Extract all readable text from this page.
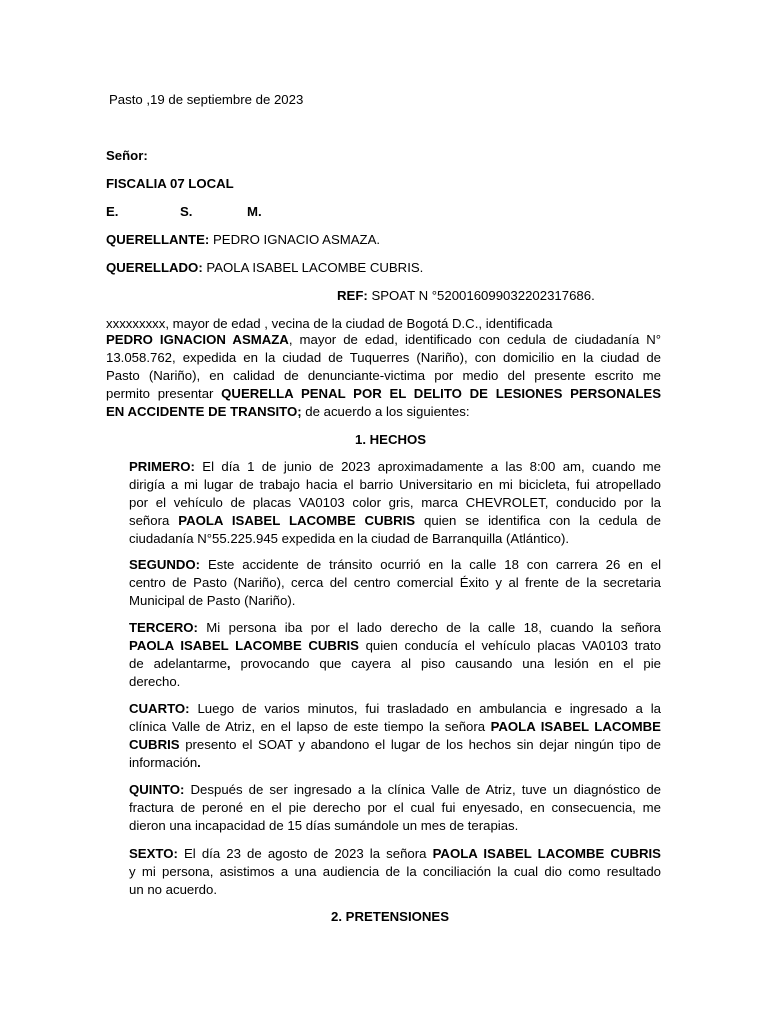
Pasto ,19 de septiembre de 2023
Señor:
FISCALIA 07 LOCAL
E.	S.	M.
QUERELLANTE: PEDRO IGNACIO ASMAZA.
QUERELLADO: PAOLA ISABEL LACOMBE CUBRIS.
REF: SPOAT N °520016099032202317686.
xxxxxxxxx, mayor de edad , vecina de la ciudad de Bogotá D.C., identificada
PEDRO IGNACION ASMAZA, mayor de edad, identificado con cedula de ciudadanía N°
13.058.762, expedida en la ciudad de Tuquerres (Nariño), con domicilio en la ciudad de
Pasto (Nariño), en calidad de denunciante-victima por medio del presente escrito me
permito presentar QUERELLA PENAL POR EL DELITO DE LESIONES PERSONALES
EN ACCIDENTE DE TRANSITO; de acuerdo a los siguientes:
1. HECHOS
PRIMERO: El día 1 de junio de 2023 aproximadamente a las 8:00 am, cuando me
dirigía a mi lugar de trabajo hacia el barrio Universitario en mi bicicleta, fui atropellado
por el vehículo de placas VA0103 color gris, marca CHEVROLET, conducido por la
señora PAOLA ISABEL LACOMBE CUBRIS quien se identifica con la cedula de
ciudadanía N°55.225.945 expedida en la ciudad de Barranquilla (Atlántico).
SEGUNDO: Este accidente de tránsito ocurrió en la calle 18 con carrera 26 en el
centro de Pasto (Nariño), cerca del centro comercial Éxito y al frente de la secretaria
Municipal de Pasto (Nariño).
TERCERO: Mi persona iba por el lado derecho de la calle 18, cuando la señora
PAOLA ISABEL LACOMBE CUBRIS quien conducía el vehículo placas VA0103 trato
de adelantarme, provocando que cayera al piso causando una lesión en el pie
derecho.
CUARTO: Luego de varios minutos, fui trasladado en ambulancia e ingresado a la
clínica Valle de Atriz, en el lapso de este tiempo la señora PAOLA ISABEL LACOMBE
CUBRIS presento el SOAT y abandono el lugar de los hechos sin dejar ningún tipo de
información.
QUINTO: Después de ser ingresado a la clínica Valle de Atriz, tuve un diagnóstico de
fractura de peroné en el pie derecho por el cual fui enyesado, en consecuencia, me
dieron una incapacidad de 15 días sumándole un mes de terapias.
SEXTO: El día 23 de agosto de 2023 la señora PAOLA ISABEL LACOMBE CUBRIS
y mi persona, asistimos a una audiencia de la conciliación la cual dio como resultado
un no acuerdo.
2. PRETENSIONES
